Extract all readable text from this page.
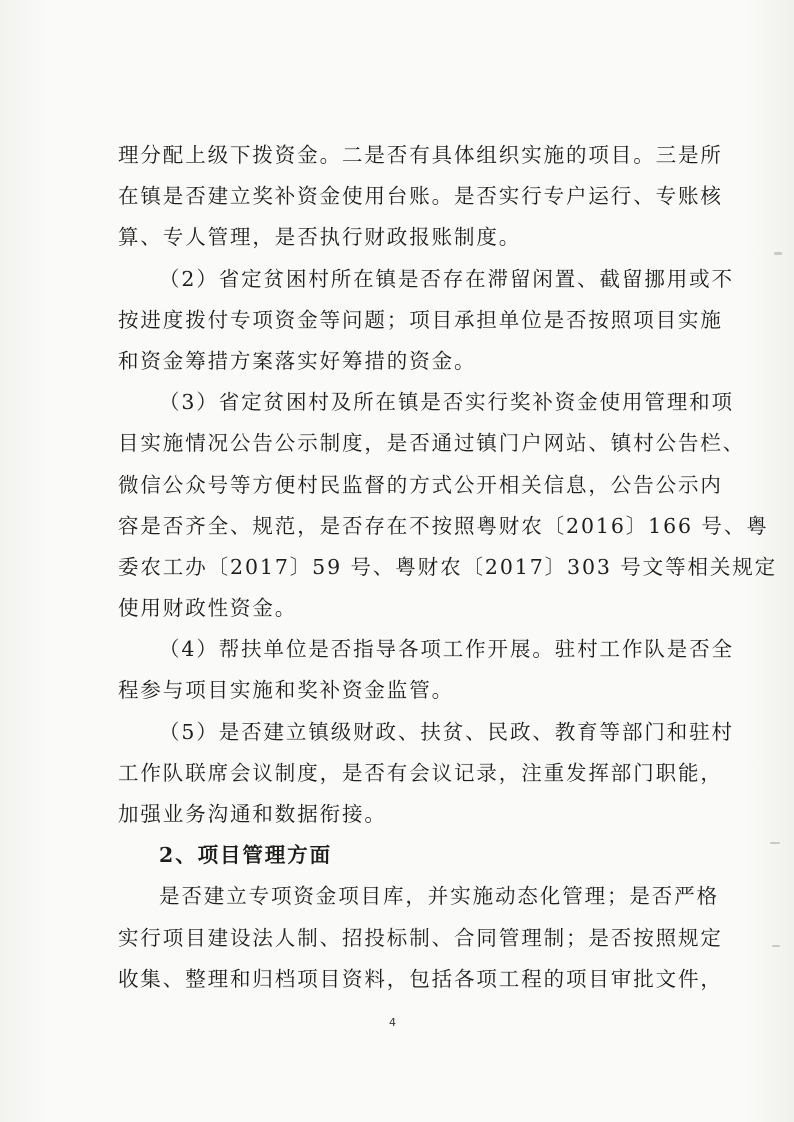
理分配上级下拨资金。二是否有具体组织实施的项目。三是所
在镇是否建立奖补资金使用台账。是否实行专户运行、专账核
算、专人管理，是否执行财政报账制度。
（2）省定贫困村所在镇是否存在滞留闲置、截留挪用或不
按进度拨付专项资金等问题；项目承担单位是否按照项目实施
和资金筹措方案落实好筹措的资金。
（3）省定贫困村及所在镇是否实行奖补资金使用管理和项
目实施情况公告公示制度，是否通过镇门户网站、镇村公告栏、
微信公众号等方便村民监督的方式公开相关信息，公告公示内
容是否齐全、规范，是否存在不按照粤财农〔2016〕166 号、粤
委农工办〔2017〕59 号、粤财农〔2017〕303 号文等相关规定
使用财政性资金。
（4）帮扶单位是否指导各项工作开展。驻村工作队是否全
程参与项目实施和奖补资金监管。
（5）是否建立镇级财政、扶贫、民政、教育等部门和驻村
工作队联席会议制度，是否有会议记录，注重发挥部门职能，
加强业务沟通和数据衔接。
2、项目管理方面
是否建立专项资金项目库，并实施动态化管理；是否严格
实行项目建设法人制、招投标制、合同管理制；是否按照规定
收集、整理和归档项目资料，包括各项工程的项目审批文件，
4
